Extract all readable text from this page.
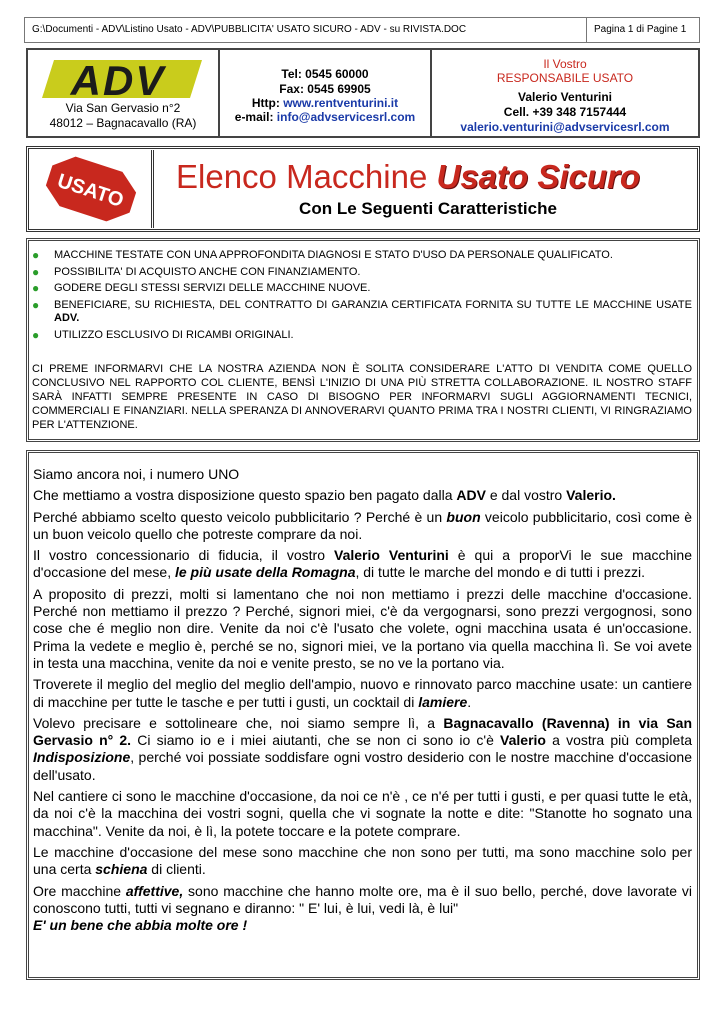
G:\Documenti - ADV\Listino Usato - ADV\PUBBLICITA' USATO SICURO - ADV - su RIVISTA.DOC	Pagina 1 di Pagine 1
ADV
Via San Gervasio n°2
48012 – Bagnacavallo (RA)
Tel: 0545 60000
Fax: 0545 69905
Http: www.rentventurini.it
e-mail: info@advservicesrl.com
Il Vostro
RESPONSABILE USATO
Valerio Venturini
Cell. +39 348 7157444
valerio.venturini@advservicesrl.com
USATO Elenco Macchine Usato Sicuro
Con Le Seguenti Caratteristiche
● MACCHINE TESTATE CON UNA APPROFONDITA DIAGNOSI E STATO D'USO DA PERSONALE QUALIFICATO.
● POSSIBILITA' DI ACQUISTO ANCHE CON FINANZIAMENTO.
● GODERE DEGLI STESSI SERVIZI DELLE MACCHINE NUOVE.
● BENEFICIARE, SU RICHIESTA, DEL CONTRATTO DI GARANZIA CERTIFICATA FORNITA SU TUTTE LE MACCHINE USATE ADV.
● UTILIZZO ESCLUSIVO DI RICAMBI ORIGINALI.
CI PREME INFORMARVI CHE LA NOSTRA AZIENDA NON È SOLITA CONSIDERARE L'ATTO DI VENDITA COME QUELLO CONCLUSIVO NEL RAPPORTO COL CLIENTE, BENSÌ L'INIZIO DI UNA PIÙ STRETTA COLLABORAZIONE. IL NOSTRO STAFF SARÀ INFATTI SEMPRE PRESENTE IN CASO DI BISOGNO PER INFORMARVI SUGLI AGGIORNAMENTI TECNICI, COMMERCIALI E FINANZIARI. NELLA SPERANZA DI ANNOVERARVI QUANTO PRIMA TRA I NOSTRI CLIENTI, VI RINGRAZIAMO PER L'ATTENZIONE.

Siamo ancora noi, i numero UNO

Che mettiamo a vostra disposizione questo spazio ben pagato dalla ADV e dal vostro Valerio.

Perché abbiamo scelto questo veicolo pubblicitario ? Perché è un buon veicolo pubblicitario, così come è un buon veicolo quello che potreste comprare da noi.

Il vostro concessionario di fiducia, il vostro Valerio Venturini è qui a proporVi le sue macchine d'occasione del mese, le più usate della Romagna, di tutte le marche del mondo e di tutti i prezzi.

A proposito di prezzi, molti si lamentano che noi non mettiamo i prezzi delle macchine d'occasione. Perché non mettiamo il prezzo ? Perché, signori miei, c'è da vergognarsi, sono prezzi vergognosi, sono cose che é meglio non dire. Venite da noi c'è l'usato che volete, ogni macchina usata é un'occasione. Prima la vedete e meglio è, perché se no, signori miei, ve la portano via quella macchina lì. Se voi avete in testa una macchina, venite da noi e venite presto, se no ve la portano via.

Troverete il meglio del meglio del meglio dell'ampio, nuovo e rinnovato parco macchine usate: un cantiere di macchine per tutte le tasche e per tutti i gusti, un cocktail di lamiere.

Volevo precisare e sottolineare che, noi siamo sempre lì, a Bagnacavallo (Ravenna) in via San Gervasio n° 2. Ci siamo io e i miei aiutanti, che se non ci sono io c'è Valerio a vostra più completa Indisposizione, perché voi possiate soddisfare ogni vostro desiderio con le nostre macchine d'occasione dell'usato.

Nel cantiere ci sono le macchine d'occasione, da noi ce n'è , ce n'é per tutti i gusti, e per quasi tutte le età, da noi c'è la macchina dei vostri sogni, quella che vi sognate la notte e dite: "Stanotte ho sognato una macchina". Venite da noi, è lì, la potete toccare e la potete comprare.

Le macchine d'occasione del mese sono macchine che non sono per tutti, ma sono macchine solo per una certa schiena di clienti.

Ore macchine affettive, sono macchine che hanno molte ore, ma è il suo bello, perché, dove lavorate vi conoscono tutti, tutti vi segnano e diranno: " E' lui, è lui, vedi là, è lui"
E' un bene che abbia molte ore !
